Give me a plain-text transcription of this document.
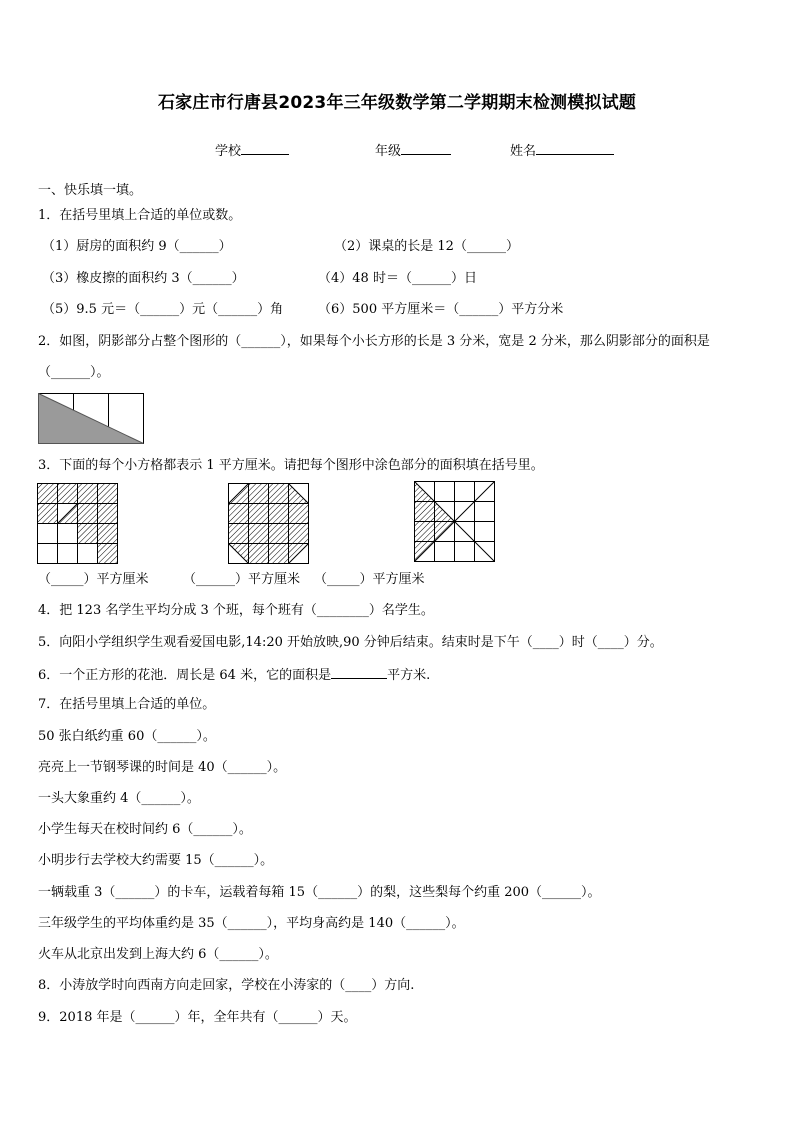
石家庄市行唐县2023年三年级数学第二学期期末检测模拟试题
学校	年级	姓名
一、快乐填一填。
1．在括号里填上合适的单位或数。
（1）厨房的面积约 9（______）	（2）课桌的长是 12（______）
（3）橡皮擦的面积约 3（______）	（4）48 时＝（______）日
（5）9.5 元＝（______）元（______）角	（6）500 平方厘米＝（______）平方分米
2．如图，阴影部分占整个图形的（______），如果每个小长方形的长是 3 分米，宽是 2 分米，那么阴影部分的面积是
（______）。
3．下面的每个小方格都表示 1 平方厘米。请把每个图形中涂色部分的面积填在括号里。
（_____）平方厘米	（______）平方厘米 （_____）平方厘米
4．把 123 名学生平均分成 3 个班，每个班有（________）名学生。
5．向阳小学组织学生观看爱国电影,14:20 开始放映,90 分钟后结束。结束时是下午（____）时（____）分。
6．一个正方形的花池．周长是 64 米，它的面积是	平方米.
7．在括号里填上合适的单位。
50 张白纸约重 60（______）。
亮亮上一节钢琴课的时间是 40（______）。
一头大象重约 4（______）。
小学生每天在校时间约 6（______）。
小明步行去学校大约需要 15（______）。
一辆载重 3（______）的卡车，运载着每箱 15（______）的梨，这些梨每个约重 200（______）。
三年级学生的平均体重约是 35（______），平均身高约是 140（______）。
火车从北京出发到上海大约 6（______）。
8．小涛放学时向西南方向走回家，学校在小涛家的（____）方向.
9．2018 年是（______）年，全年共有（______）天。
